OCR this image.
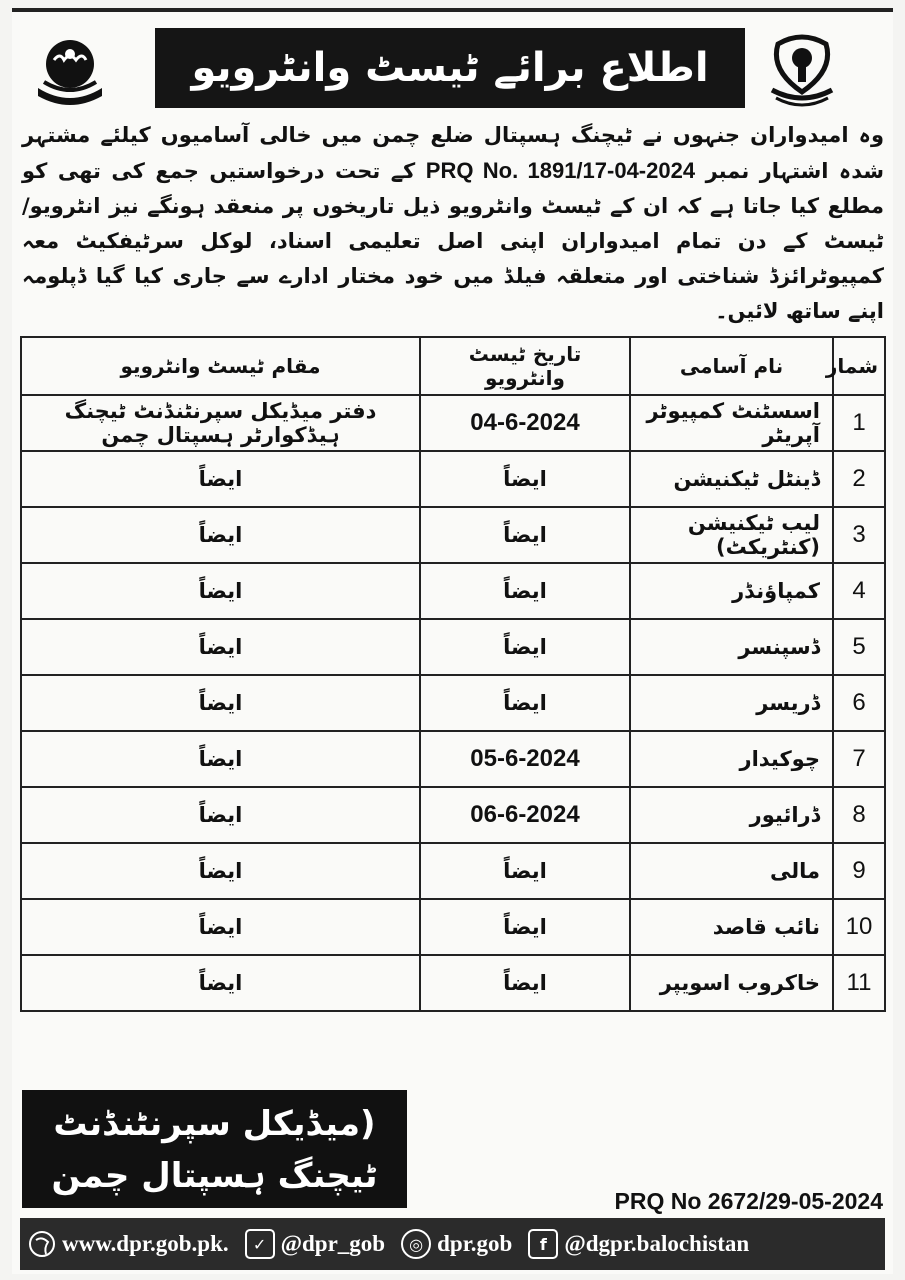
اطلاع برائے ٹیسٹ وانٹرویو

وہ امیدواران جنہوں نے ٹیچنگ ہسپتال ضلع چمن میں خالی آسامیوں کیلئے مشتہر شدہ اشتہار نمبر PRQ No. 1891/17-04-2024 کے تحت درخواستیں جمع کی تھی کو مطلع کیا جاتا ہے کہ ان کے ٹیسٹ وانٹرویو ذیل تاریخوں پر منعقد ہونگے نیز انٹرویو/ٹیسٹ کے دن تمام امیدواران اپنی اصل تعلیمی اسناد، لوکل سرٹیفکیٹ معہ کمپیوٹرائزڈ شناختی اور متعلقہ فیلڈ میں خود مختار ادارے سے جاری کیا گیا ڈپلومہ اپنے ساتھ لائیں۔

شمار	نام آسامی	تاریخ ٹیسٹ وانٹرویو	مقام ٹیسٹ وانٹرویو
1	اسسٹنٹ کمپیوٹر آپریٹر	04-6-2024	دفتر میڈیکل سپرنٹنڈنٹ ٹیچنگ ہیڈکوارٹر ہسپتال چمن
2	ڈینٹل ٹیکنیشن	ایضاً	ایضاً
3	لیب ٹیکنیشن (کنٹریکٹ)	ایضاً	ایضاً
4	کمپاؤنڈر	ایضاً	ایضاً
5	ڈسپنسر	ایضاً	ایضاً
6	ڈریسر	ایضاً	ایضاً
7	چوکیدار	05-6-2024	ایضاً
8	ڈرائیور	06-6-2024	ایضاً
9	مالی	ایضاً	ایضاً
10	نائب قاصد	ایضاً	ایضاً
11	خاکروب اسویپر	ایضاً	ایضاً
(میڈیکل سپرنٹنڈنٹ
ٹیچنگ ہسپتال چمن
PRQ No 2672/29-05-2024
www.dpr.gob.pk.	✓ @dpr_gob	◎ dpr.gob	f @dgpr.balochistan
